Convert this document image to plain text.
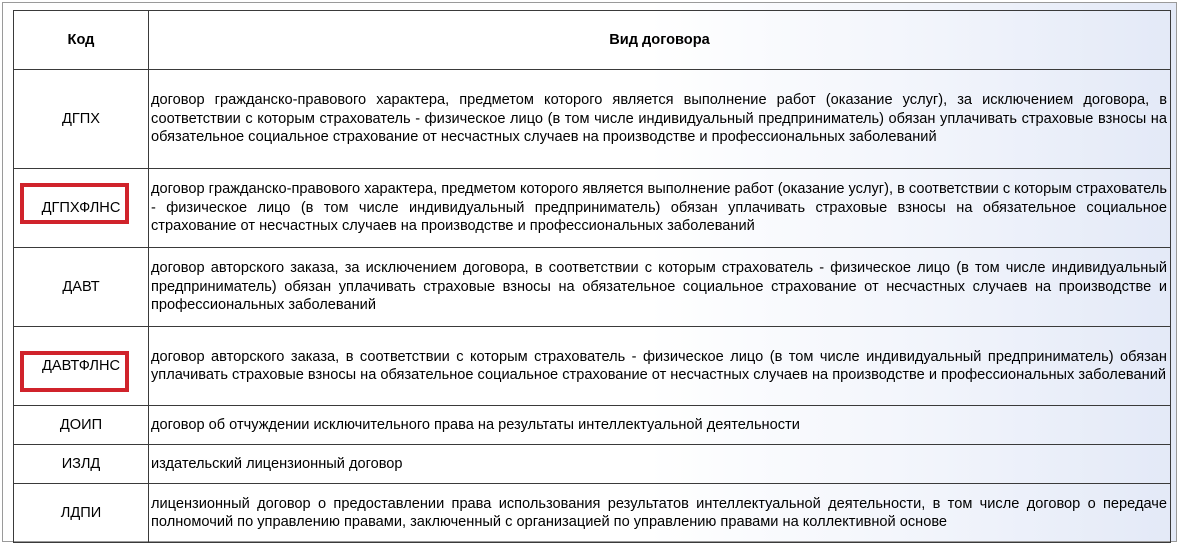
Код	Вид договора
ДГПХ	договор гражданско-правового характера, предметом которого является выполнение работ (оказание услуг), за исключением договора, в соответствии с которым страхователь - физическое лицо (в том числе индивидуальный предприниматель) обязан уплачивать страховые взносы на обязательное социальное страхование от несчастных случаев на производстве и профессиональных заболеваний

ДГПХФЛНС	договор гражданско-правового характера, предметом которого является выполнение работ (оказание услуг), в соответствии с которым страхователь - физическое лицо (в том числе индивидуальный предприниматель) обязан уплачивать страховые взносы на обязательное социальное страхование от несчастных случаев на производстве и профессиональных заболеваний
ДАВТ	договор авторского заказа, за исключением договора, в соответствии с которым страхователь - физическое лицо (в том числе индивидуальный предприниматель) обязан уплачивать страховые взносы на обязательное социальное страхование от несчастных случаев на производстве и профессиональных заболеваний

ДАВТФЛНС	договор авторского заказа, в соответствии с которым страхователь - физическое лицо (в том числе индивидуальный предприниматель) обязан уплачивать страховые взносы на обязательное социальное страхование от несчастных случаев на производстве и профессиональных заболеваний
ДОИП	договор об отчуждении исключительного права на результаты интеллектуальной деятельности
ИЗЛД	издательский лицензионный договор
ЛДПИ	лицензионный договор о предоставлении права использования результатов интеллектуальной деятельности, в том числе договор о передаче полномочий по управлению правами, заключенный с организацией по управлению правами на коллективной основе
